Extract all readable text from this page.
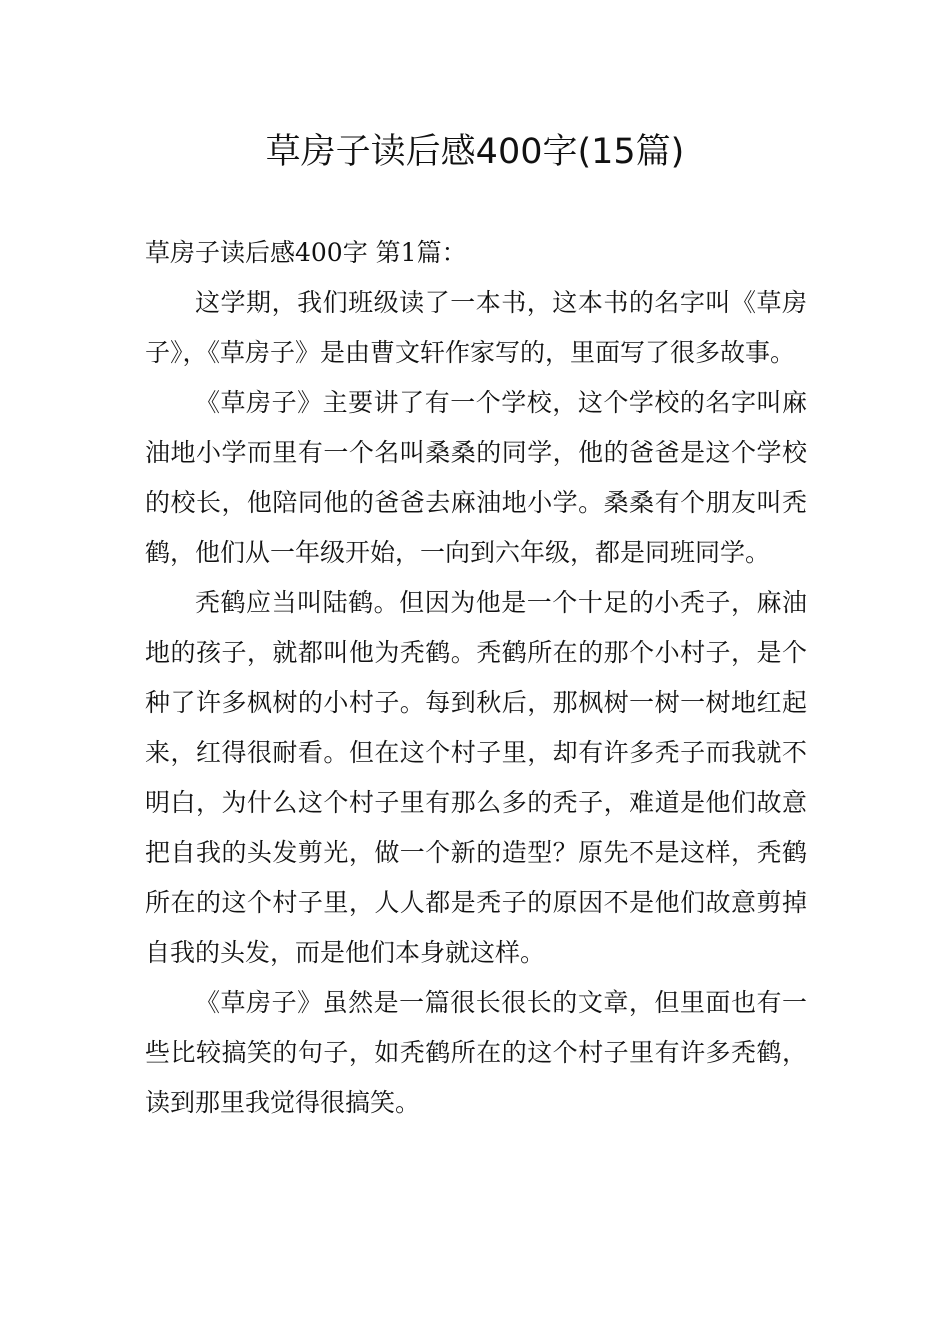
草房子读后感400字(15篇)

草房子读后感400字 第1篇：

这学期，我们班级读了一本书，这本书的名字叫《草房子》，《草房子》是由曹文轩作家写的，里面写了很多故事。

《草房子》主要讲了有一个学校，这个学校的名字叫麻油地小学而里有一个名叫桑桑的同学，他的爸爸是这个学校的校长，他陪同他的爸爸去麻油地小学。桑桑有个朋友叫秃鹤，他们从一年级开始，一向到六年级，都是同班同学。

秃鹤应当叫陆鹤。但因为他是一个十足的小秃子，麻油地的孩子，就都叫他为秃鹤。秃鹤所在的那个小村子，是个种了许多枫树的小村子。每到秋后，那枫树一树一树地红起来，红得很耐看。但在这个村子里，却有许多秃子而我就不明白，为什么这个村子里有那么多的秃子，难道是他们故意把自我的头发剪光，做一个新的造型？原先不是这样，秃鹤所在的这个村子里，人人都是秃子的原因不是他们故意剪掉自我的头发，而是他们本身就这样。

《草房子》虽然是一篇很长很长的文章，但里面也有一些比较搞笑的句子，如秃鹤所在的这个村子里有许多秃鹤，读到那里我觉得很搞笑。
